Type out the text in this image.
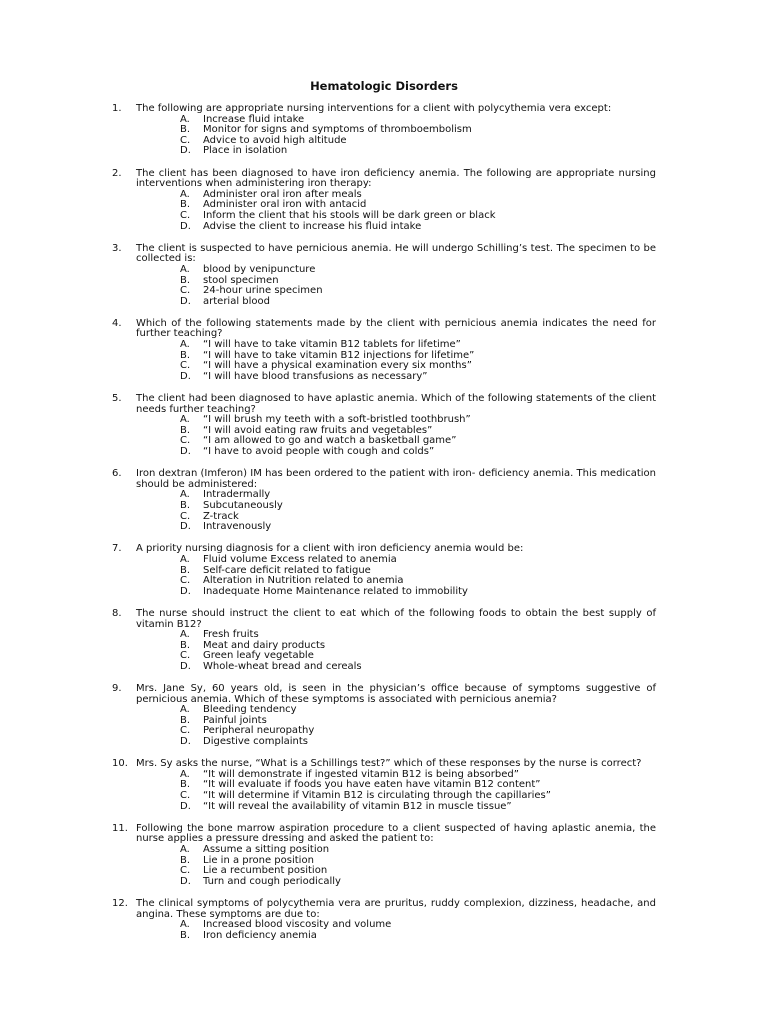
Hematologic Disorders
1. The following are appropriate nursing interventions for a client with polycythemia vera except:
A. Increase fluid intake
B. Monitor for signs and symptoms of thromboembolism
C. Advice to avoid high altitude
D. Place in isolation
2. The client has been diagnosed to have iron deficiency anemia. The following are appropriate nursing interventions when administering iron therapy:
A. Administer oral iron after meals
B. Administer oral iron with antacid
C. Inform the client that his stools will be dark green or black
D. Advise the client to increase his fluid intake
3. The client is suspected to have pernicious anemia. He will undergo Schilling’s test. The specimen to be collected is:
A. blood by venipuncture
B. stool specimen
C. 24-hour urine specimen
D. arterial blood
4. Which of the following statements made by the client with pernicious anemia indicates the need for further teaching?
A. “I will have to take vitamin B12 tablets for lifetime”
B. “I will have to take vitamin B12 injections for lifetime”
C. “I will have a physical examination every six months”
D. “I will have blood transfusions as necessary”
5. The client had been diagnosed to have aplastic anemia. Which of the following statements of the client needs further teaching?
A. “I will brush my teeth with a soft-bristled toothbrush”
B. “I will avoid eating raw fruits and vegetables”
C. “I am allowed to go and watch a basketball game”
D. “I have to avoid people with cough and colds”
6. Iron dextran (Imferon) IM has been ordered to the patient with iron- deficiency anemia. This medication should be administered:
A. Intradermally
B. Subcutaneously
C. Z-track
D. Intravenously
7. A priority nursing diagnosis for a client with iron deficiency anemia would be:
A. Fluid volume Excess related to anemia
B. Self-care deficit related to fatigue
C. Alteration in Nutrition related to anemia
D. Inadequate Home Maintenance related to immobility
8. The nurse should instruct the client to eat which of the following foods to obtain the best supply of vitamin B12?
A. Fresh fruits
B. Meat and dairy products
C. Green leafy vegetable
D. Whole-wheat bread and cereals
9. Mrs. Jane Sy, 60 years old, is seen in the physician’s office because of symptoms suggestive of pernicious anemia. Which of these symptoms is associated with pernicious anemia?
A. Bleeding tendency
B. Painful joints
C. Peripheral neuropathy
D. Digestive complaints
10. Mrs. Sy asks the nurse, “What is a Schillings test?” which of these responses by the nurse is correct?
A. “It will demonstrate if ingested vitamin B12 is being absorbed”
B. “It will evaluate if foods you have eaten have vitamin B12 content”
C. “It will determine if Vitamin B12 is circulating through the capillaries”
D. “It will reveal the availability of vitamin B12 in muscle tissue”
11. Following the bone marrow aspiration procedure to a client suspected of having aplastic anemia, the nurse applies a pressure dressing and asked the patient to:
A. Assume a sitting position
B. Lie in a prone position
C. Lie a recumbent position
D. Turn and cough periodically
12. The clinical symptoms of polycythemia vera are pruritus, ruddy complexion, dizziness, headache, and angina. These symptoms are due to:
A. Increased blood viscosity and volume
B. Iron deficiency anemia
